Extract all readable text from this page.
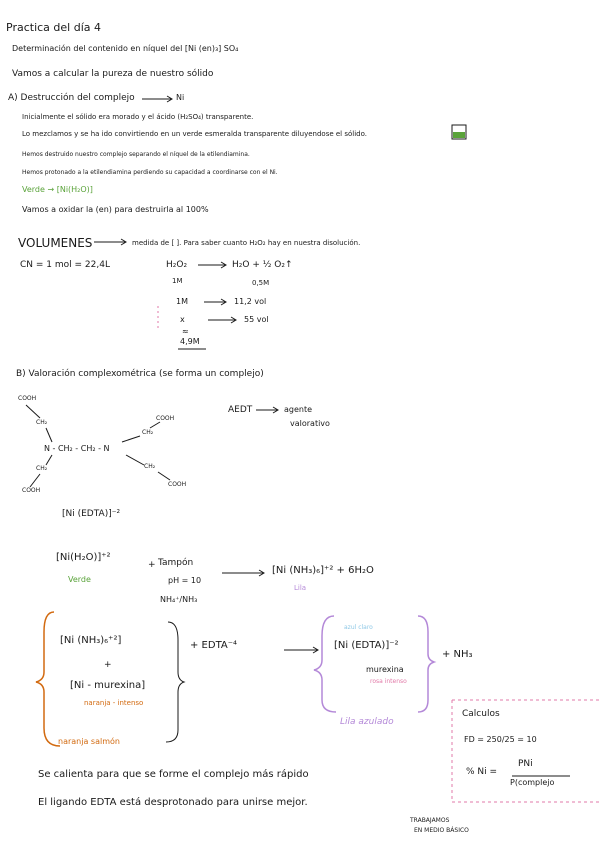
Practica del día 4
Determinación del contenido en níquel del [Ni (en)₃] SO₄
Vamos a calcular la pureza de nuestro sólido
A) Destrucción del complejo	Ni
Inicialmente el sólido era morado y el ácido (H₂SO₄) transparente.
Lo mezclamos y se ha ido convirtiendo en un verde esmeralda transparente diluyendose el sólido.
Hemos destruido nuestro complejo separando el níquel de la etilendiamina.
Hemos protonado a la etilendiamina perdiendo su capacidad a coordinarse con el Ni.
Verde → [Ni(H₂O)]
Vamos a oxidar la (en) para destruirla al 100%
VOLUMENES	medida de [ ]. Para saber cuanto H₂O₂ hay en nuestra disolución.
CN = 1 mol = 22,4L	H₂O₂	H₂O + ½ O₂↑
1M	0,5M
1M	11,2 vol
x	55 vol
≈
4,9M
B) Valoración complexométrica (se forma un complejo)
AEDT	agente
valorativo
COOH
CH₂
COOH
CH₂
N - CH₂ - CH₂ - N
CH₂
COOH
CH₂
COOH
[Ni (EDTA)]⁻²
[Ni(H₂O)]⁺²
Verde
+ Tampón
pH = 10
NH₄⁺/NH₃
[Ni (NH₃)₆]⁺² + 6H₂O
Lila
[Ni (NH₃)₆⁺²]
+
[Ni - murexina]
naranja - intenso
naranja salmón
+ EDTA⁻⁴
azul claro
[Ni (EDTA)]⁻²
murexina
rosa intenso
+ NH₃
Lila azulado
Calculos
FD = 250/25 = 10
% Ni =
PNi
P(complejo
Se calienta para que se forme el complejo más rápido
El ligando EDTA está desprotonado para unirse mejor.
TRABAJAMOS
EN MEDIO BÁSICO
